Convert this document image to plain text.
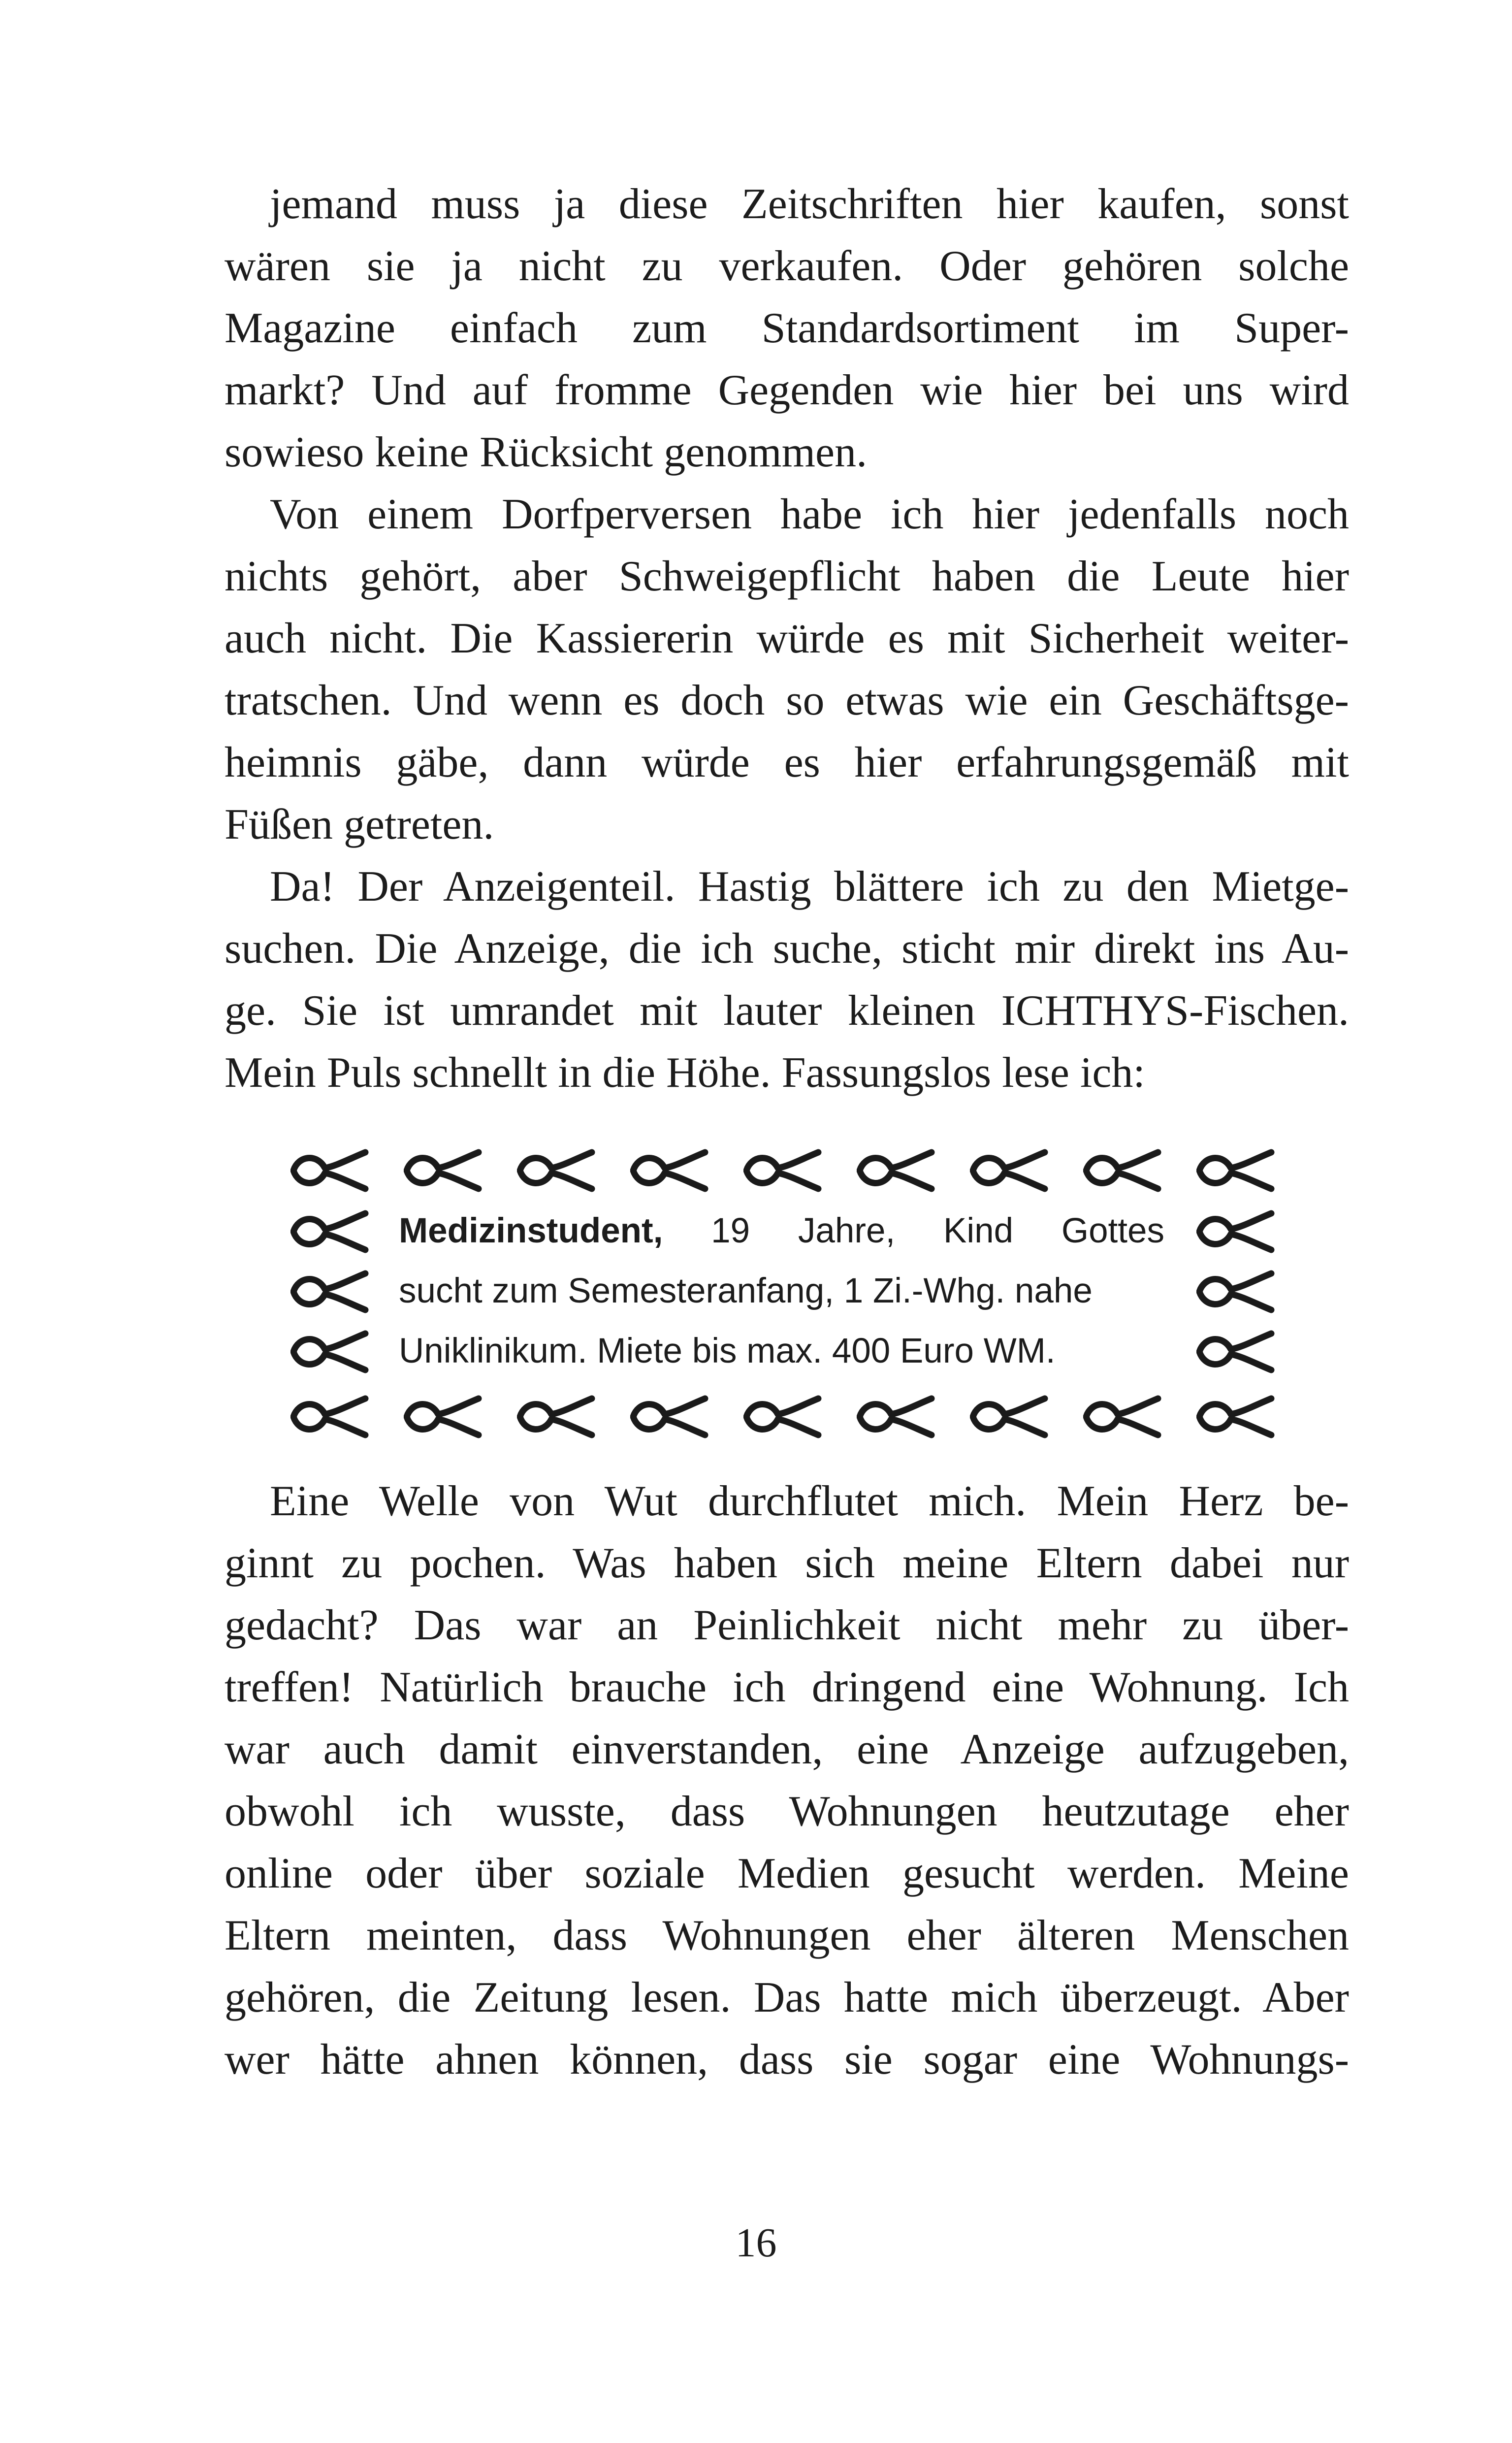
jemand muss ja diese Zeitschriften hier kaufen, sonst
wären sie ja nicht zu verkaufen. Oder gehören solche
Magazine einfach zum Standardsortiment im Super-
markt? Und auf fromme Gegenden wie hier bei uns wird
sowieso keine Rücksicht genommen.
Von einem Dorfperversen habe ich hier jedenfalls noch
nichts gehört, aber Schweigepflicht haben die Leute hier
auch nicht. Die Kassiererin würde es mit Sicherheit weiter-
tratschen. Und wenn es doch so etwas wie ein Geschäftsge-
heimnis gäbe, dann würde es hier erfahrungsgemäß mit
Füßen getreten.
Da! Der Anzeigenteil. Hastig blättere ich zu den Mietge-
suchen. Die Anzeige, die ich suche, sticht mir direkt ins Au-
ge. Sie ist umrandet mit lauter kleinen ICHTHYS-Fischen.
Mein Puls schnellt in die Höhe. Fassungslos lese ich:
Medizinstudent, 19 Jahre, Kind Gottes
sucht zum Semesteranfang, 1 Zi.-Whg. nahe
Uniklinikum. Miete bis max. 400 Euro WM.
Eine Welle von Wut durchflutet mich. Mein Herz be-
ginnt zu pochen. Was haben sich meine Eltern dabei nur
gedacht? Das war an Peinlichkeit nicht mehr zu über-
treffen! Natürlich brauche ich dringend eine Wohnung. Ich
war auch damit einverstanden, eine Anzeige aufzugeben,
obwohl ich wusste, dass Wohnungen heutzutage eher
online oder über soziale Medien gesucht werden. Meine
Eltern meinten, dass Wohnungen eher älteren Menschen
gehören, die Zeitung lesen. Das hatte mich überzeugt. Aber
wer hätte ahnen können, dass sie sogar eine Wohnungs-
16
